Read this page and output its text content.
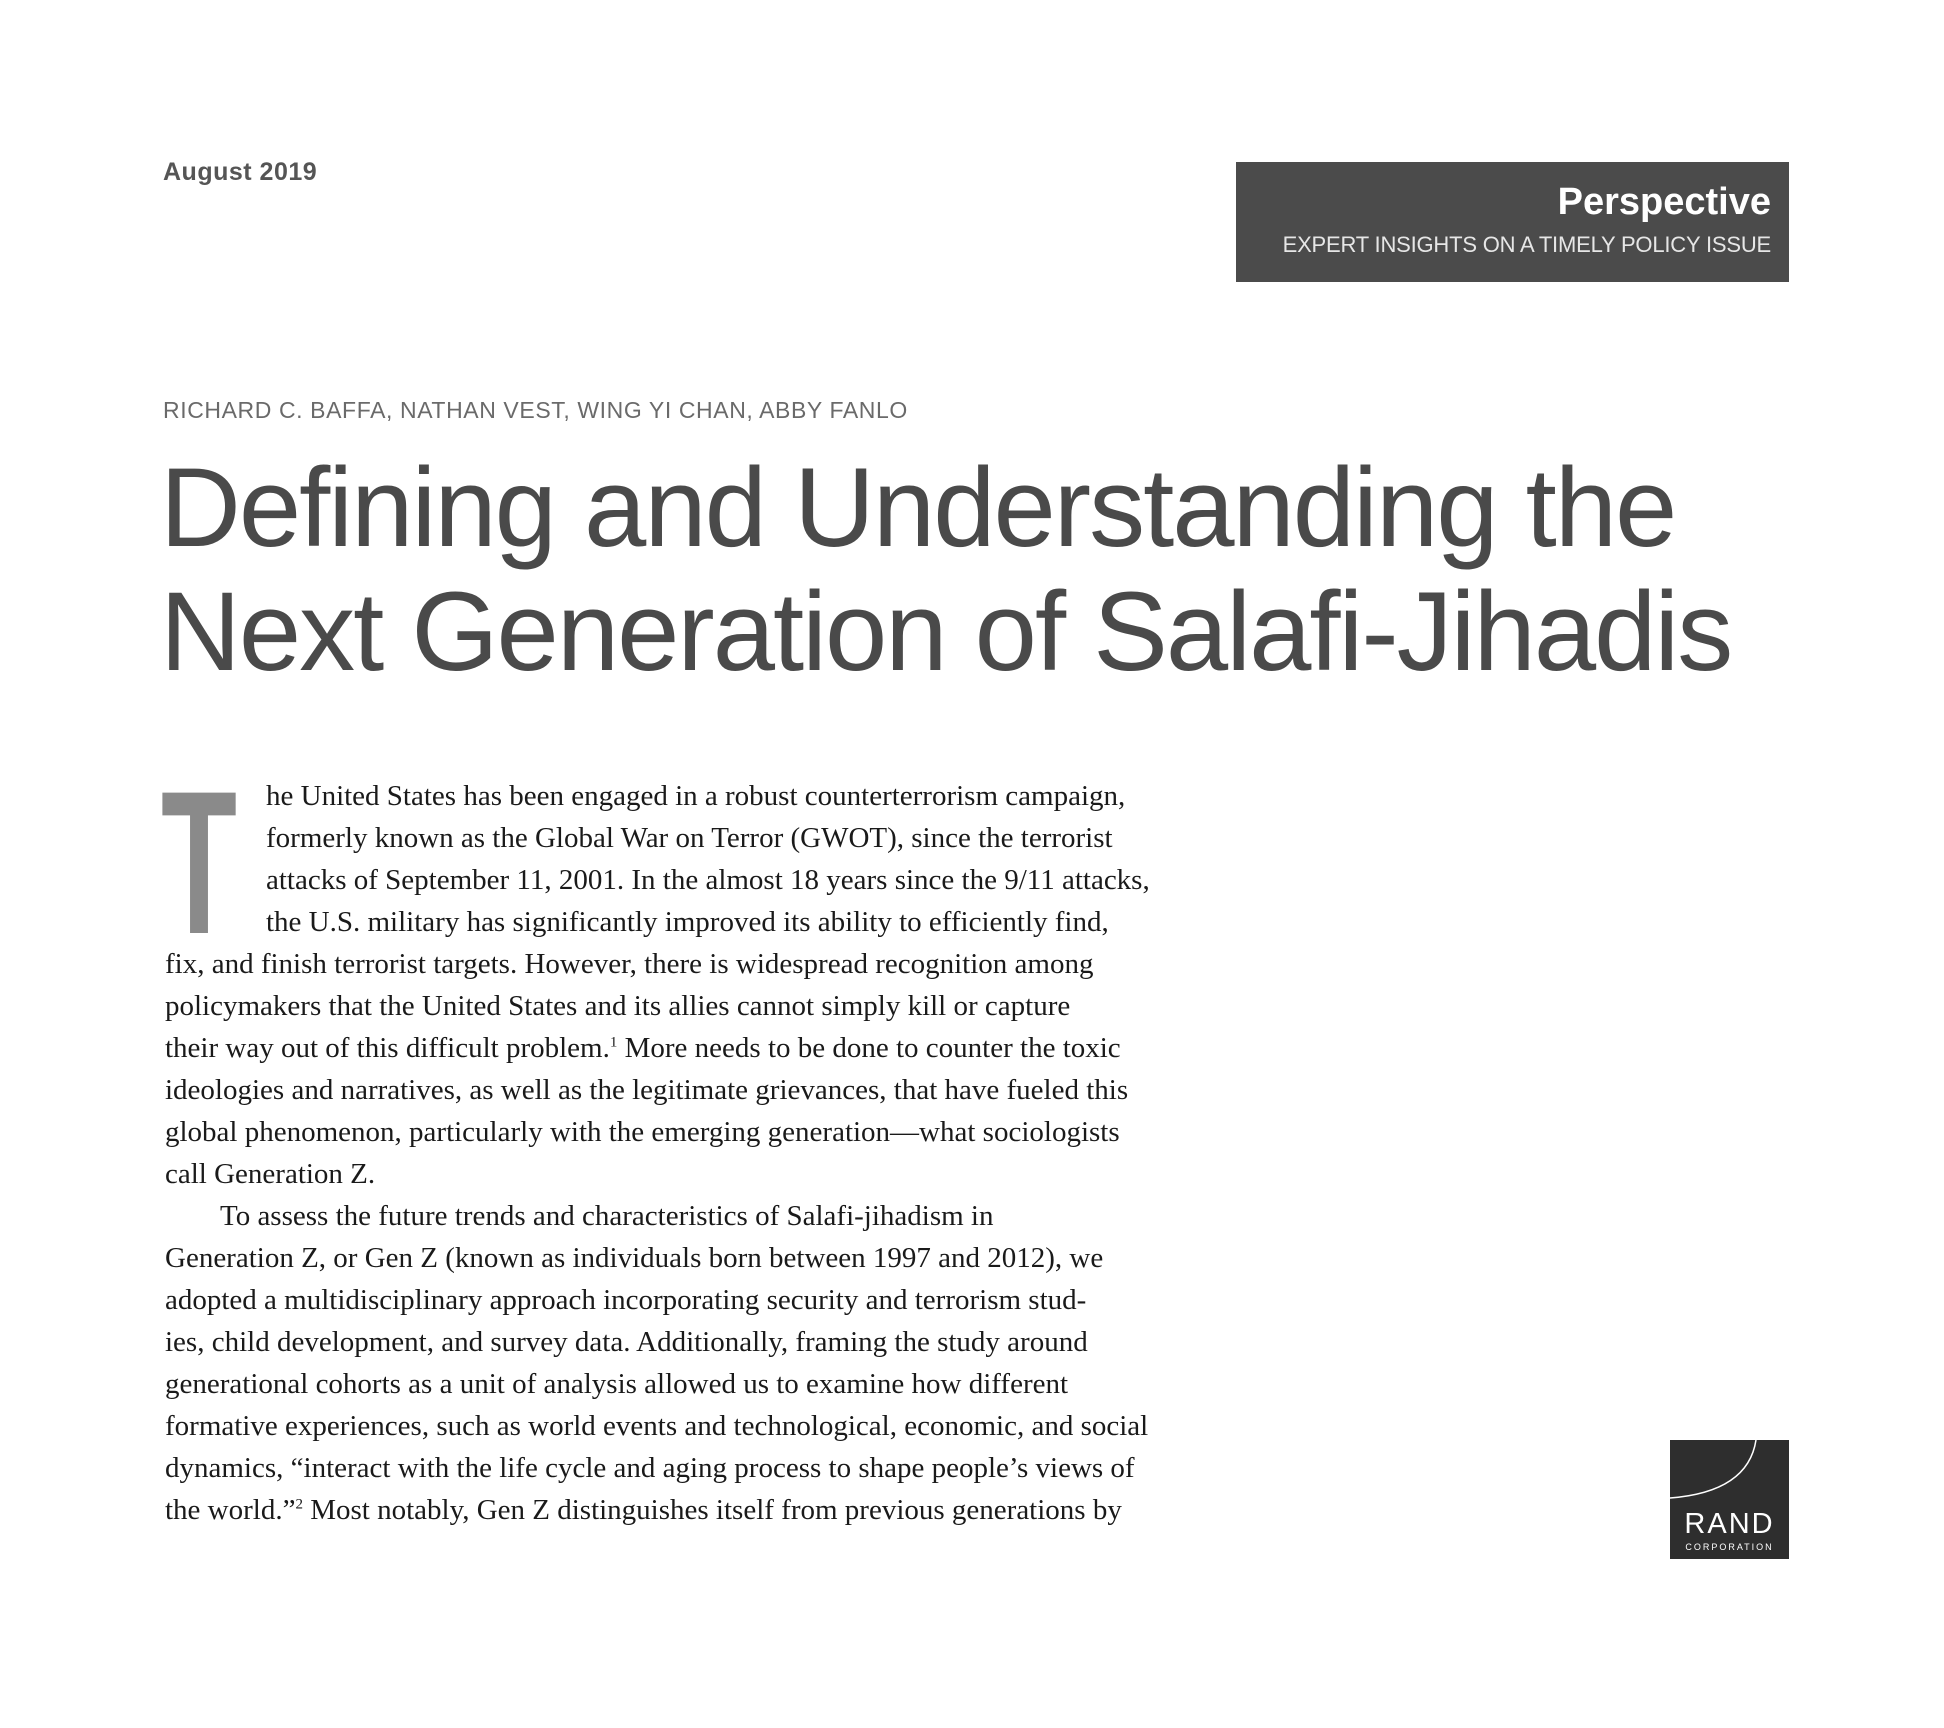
August 2019
Perspective
EXPERT INSIGHTS ON A TIMELY POLICY ISSUE
RICHARD C. BAFFA, NATHAN VEST, WING YI CHAN, ABBY FANLO
Defining and Understanding the
Next Generation of Salafi-Jihadis
T	he United States has been engaged in a robust counterterrorism campaign,
formerly known as the Global War on Terror (GWOT), since the terrorist
attacks of September 11, 2001. In the almost 18 years since the 9/11 attacks,
the U.S. military has significantly improved its ability to efficiently find,
fix, and finish terrorist targets. However, there is widespread recognition among
policymakers that the United States and its allies cannot simply kill or capture
their way out of this difficult problem.$^1$ More needs to be done to counter the toxic
ideologies and narratives, as well as the legitimate grievances, that have fueled this
global phenomenon, particularly with the emerging generation—what sociologists
call Generation Z.

To assess the future trends and characteristics of Salafi-jihadism in
Generation Z, or Gen Z (known as individuals born between 1997 and 2012), we
adopted a multidisciplinary approach incorporating security and terrorism stud-
ies, child development, and survey data. Additionally, framing the study around
generational cohorts as a unit of analysis allowed us to examine how different
formative experiences, such as world events and technological, economic, and social
dynamics, “interact with the life cycle and aging process to shape people’s views of
the world.”$^2$ Most notably, Gen Z distinguishes itself from previous generations by	RAND
CORPORATION
